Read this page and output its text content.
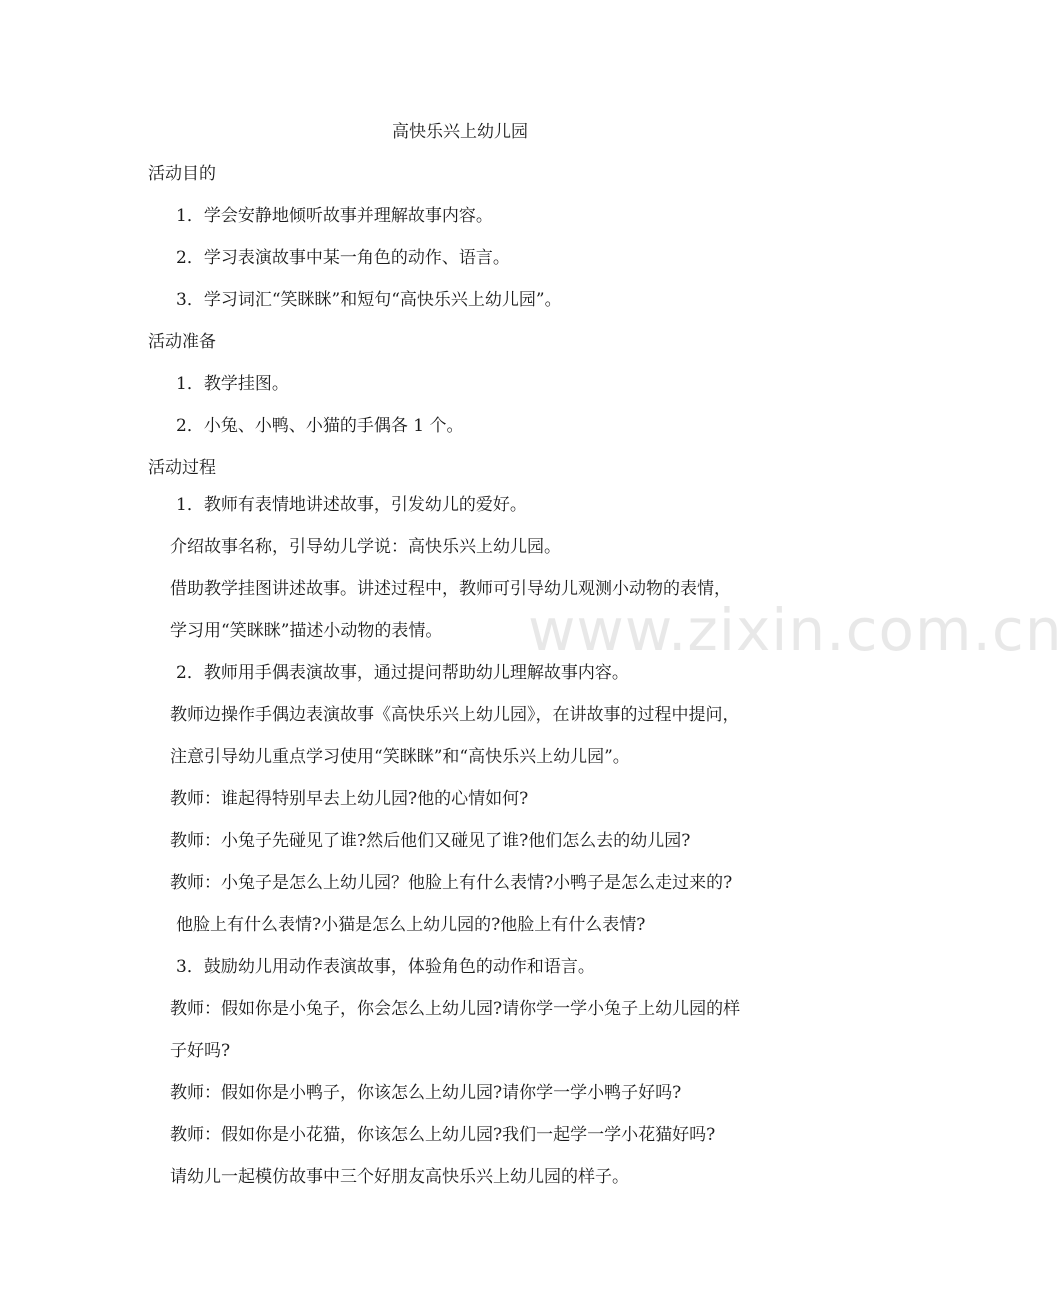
www.zixin.com.cn
高快乐兴上幼儿园
活动目的
1．学会安静地倾听故事并理解故事内容。
2．学习表演故事中某一角色的动作、语言。
3．学习词汇“笑眯眯”和短句“高快乐兴上幼儿园”。
活动准备
1．教学挂图。
2．小兔、小鸭、小猫的手偶各 1 个。
活动过程
1．教师有表情地讲述故事，引发幼儿的爱好。
介绍故事名称，引导幼儿学说：高快乐兴上幼儿园。
借助教学挂图讲述故事。讲述过程中，教师可引导幼儿观测小动物的表情，
学习用“笑眯眯”描述小动物的表情。
2．教师用手偶表演故事，通过提问帮助幼儿理解故事内容。
教师边操作手偶边表演故事《高快乐兴上幼儿园》，在讲故事的过程中提问，
注意引导幼儿重点学习使用“笑眯眯”和“高快乐兴上幼儿园”。
教师：谁起得特别早去上幼儿园?他的心情如何?
教师：小兔子先碰见了谁?然后他们又碰见了谁?他们怎么去的幼儿园?
教师：小兔子是怎么上幼儿园？他脸上有什么表情?小鸭子是怎么走过来的?
他脸上有什么表情?小猫是怎么上幼儿园的?他脸上有什么表情?
3．鼓励幼儿用动作表演故事，体验角色的动作和语言。
教师：假如你是小兔子，你会怎么上幼儿园?请你学一学小兔子上幼儿园的样
子好吗?
教师：假如你是小鸭子，你该怎么上幼儿园?请你学一学小鸭子好吗?
教师：假如你是小花猫，你该怎么上幼儿园?我们一起学一学小花猫好吗?
请幼儿一起模仿故事中三个好朋友高快乐兴上幼儿园的样子。
